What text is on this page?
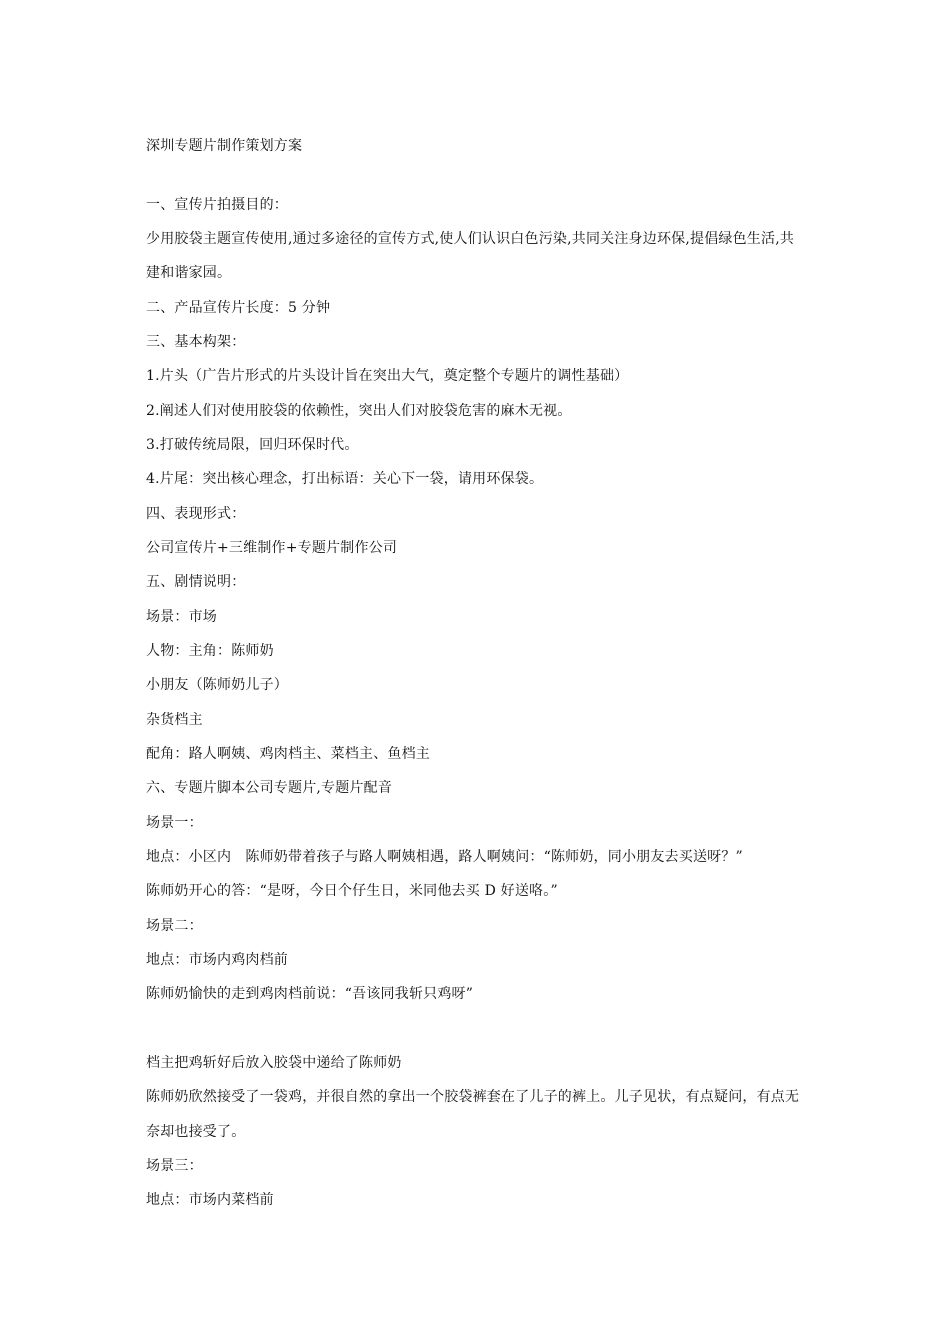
深圳专题片制作策划方案
一、宣传片拍摄目的：
少用胶袋主题宣传使用,通过多途径的宣传方式,使人们认识白色污染,共同关注身边环保,提倡绿色生活,共
建和谐家园。
二、产品宣传片长度：5 分钟
三、基本构架：
1.片头（广告片形式的片头设计旨在突出大气，奠定整个专题片的调性基础）
2.阐述人们对使用胶袋的依赖性，突出人们对胶袋危害的麻木无视。
3.打破传统局限，回归环保时代。
4.片尾：突出核心理念，打出标语：关心下一袋，请用环保袋。
四、表现形式：
公司宣传片+三维制作+专题片制作公司
五、剧情说明：
场景：市场
人物：主角：陈师奶
小朋友（陈师奶儿子）
杂货档主
配角：路人啊姨、鸡肉档主、菜档主、鱼档主
六、专题片脚本公司专题片,专题片配音
场景一：
地点：小区内　陈师奶带着孩子与路人啊姨相遇，路人啊姨问：“陈师奶，同小朋友去买送呀？”
陈师奶开心的答：“是呀，今日个仔生日，米同他去买 D 好送咯。”
场景二：
地点：市场内鸡肉档前
陈师奶愉快的走到鸡肉档前说：“吾该同我斩只鸡呀”
档主把鸡斩好后放入胶袋中递给了陈师奶
陈师奶欣然接受了一袋鸡，并很自然的拿出一个胶袋裤套在了儿子的裤上。儿子见状，有点疑问，有点无
奈却也接受了。
场景三：
地点：市场内菜档前
